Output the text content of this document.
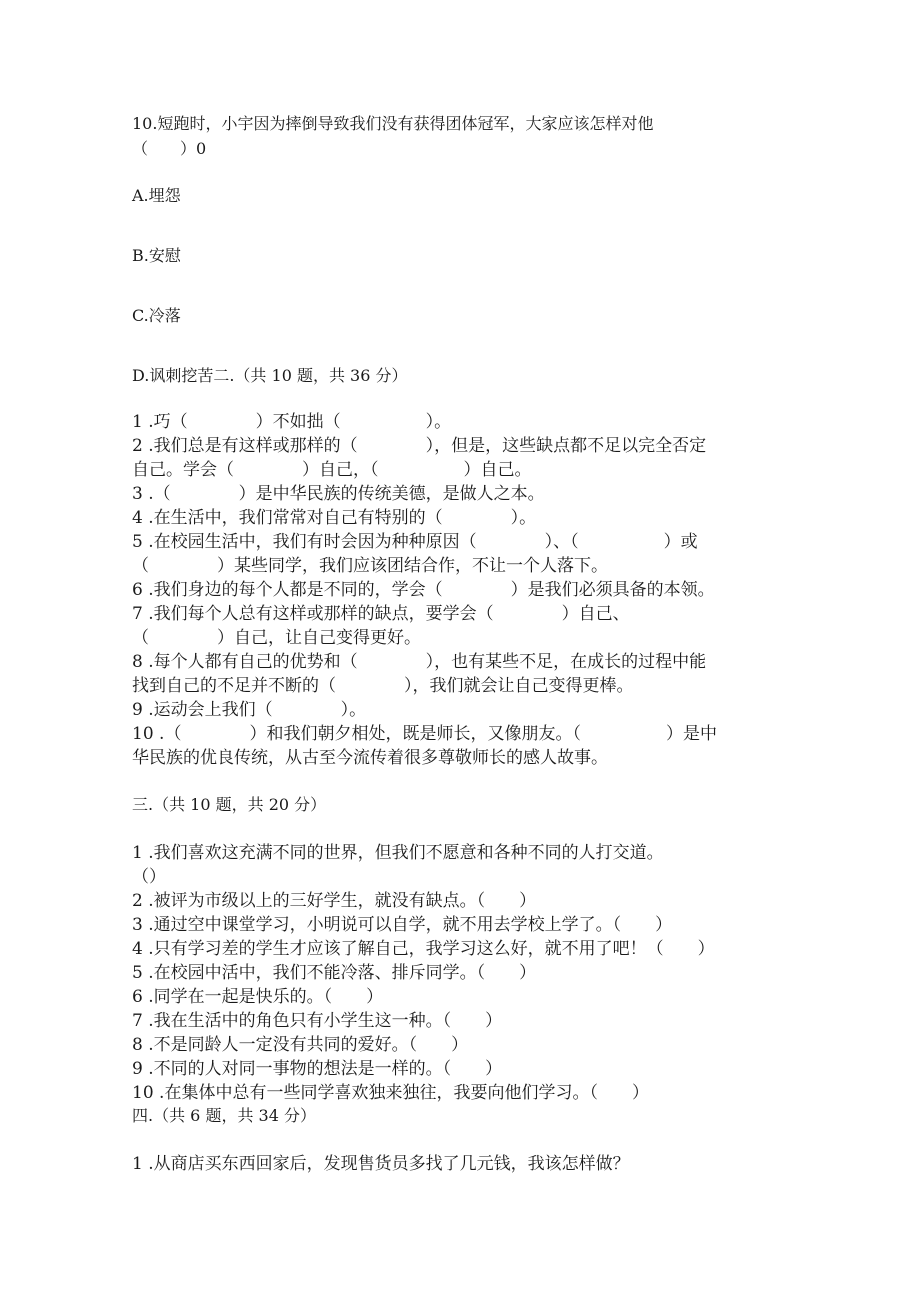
10.短跑时，小宇因为摔倒导致我们没有获得团体冠军，大家应该怎样对他
（　　）0
A.埋怨
B.安慰
C.冷落
D.讽刺挖苦二.（共 10 题，共 36 分）
1 .巧（　　　　）不如拙（　　　　　）。
2 .我们总是有这样或那样的（　　　　），但是，这些缺点都不足以完全否定
自己。学会（　　　　）自己，（　　　　　）自己。
3 .（　　　　）是中华民族的传统美德，是做人之本。
4 .在生活中，我们常常对自己有特别的（　　　　）。
5 .在校园生活中，我们有时会因为种种原因（　　　　）、（　　　　　）或
（　　　　）某些同学，我们应该团结合作，不让一个人落下。
6 .我们身边的每个人都是不同的，学会（　　　　）是我们必须具备的本领。
7 .我们每个人总有这样或那样的缺点，要学会（　　　　）自己、
（　　　　）自己，让自己变得更好。
8 .每个人都有自己的优势和（　　　　），也有某些不足，在成长的过程中能
找到自己的不足并不断的（　　　　），我们就会让自己变得更棒。
9 .运动会上我们（　　　　）。
10 .（　　　　）和我们朝夕相处，既是师长，又像朋友。（　　　　　）是中
华民族的优良传统，从古至今流传着很多尊敬师长的感人故事。
三.（共 10 题，共 20 分）
1 .我们喜欢这充满不同的世界，但我们不愿意和各种不同的人打交道。
（）
2 .被评为市级以上的三好学生，就没有缺点。（　　）
3 .通过空中课堂学习，小明说可以自学，就不用去学校上学了。（　　）
4 .只有学习差的学生才应该了解自己，我学习这么好，就不用了吧！（　　）
5 .在校园中活中，我们不能冷落、排斥同学。（　　）
6 .同学在一起是快乐的。（　　）
7 .我在生活中的角色只有小学生这一种。（　　）
8 .不是同龄人一定没有共同的爱好。（　　）
9 .不同的人对同一事物的想法是一样的。（　　）
10 .在集体中总有一些同学喜欢独来独往，我要向他们学习。（　　）
四.（共 6 题，共 34 分）
1 .从商店买东西回家后，发现售货员多找了几元钱，我该怎样做？
